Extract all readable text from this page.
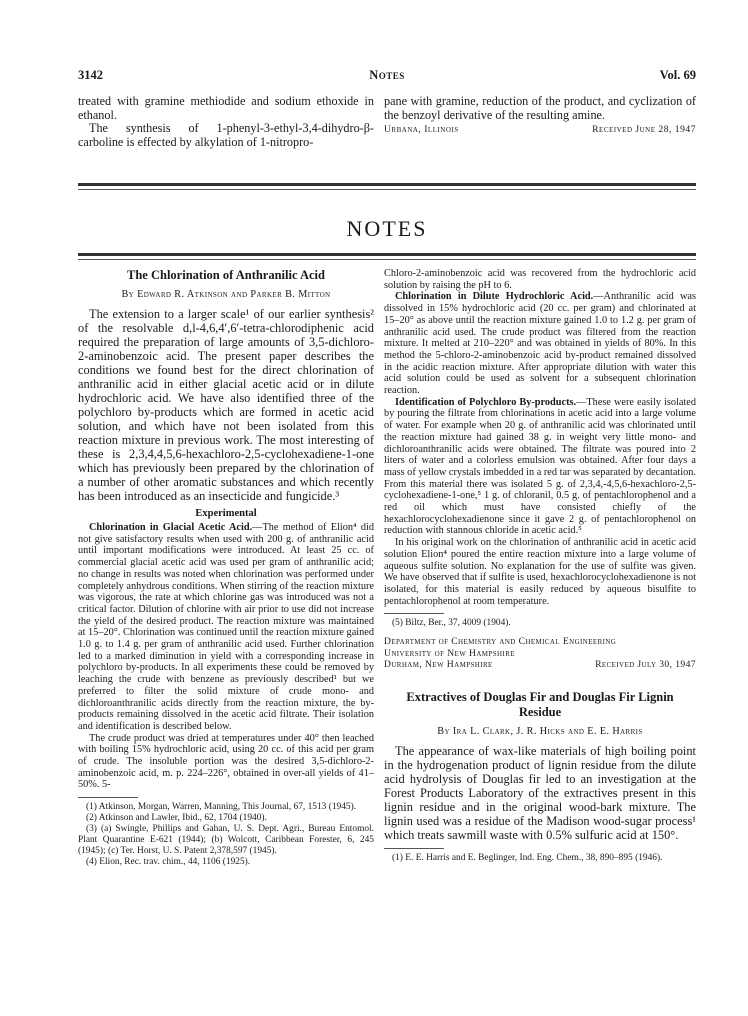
3142	Notes	Vol. 69

treated with gramine methiodide and sodium ethoxide in ethanol.

The synthesis of 1-phenyl-3-ethyl-3,4-dihydro-β-carboline is effected by alkylation of 1-nitropro-

pane with gramine, reduction of the product, and cyclization of the benzoyl derivative of the resulting amine.

Urbana, Illinois	Received June 28, 1947
NOTES

The Chlorination of Anthranilic Acid

By Edward R. Atkinson and Parker B. Mitton

The extension to a larger scale¹ of our earlier synthesis² of the resolvable d,l-4,6,4′,6′-tetra-chlorodiphenic acid required the preparation of large amounts of 3,5-dichloro-2-aminobenzoic acid. The present paper describes the conditions we found best for the direct chlorination of anthranilic acid in either glacial acetic acid or in dilute hydrochloric acid. We have also identified three of the polychloro by-products which are formed in acetic acid solution, and which have not been isolated from this reaction mixture in previous work. The most interesting of these is 2,3,4,4,5,6-hexachloro-2,5-cyclohexadiene-1-one which has previously been prepared by the chlorination of a number of other aromatic substances and which recently has been introduced as an insecticide and fungicide.³

Experimental

Chlorination in Glacial Acetic Acid.—The method of Elion⁴ did not give satisfactory results when used with 200 g. of anthranilic acid until important modifications were introduced. At least 25 cc. of commercial glacial acetic acid was used per gram of anthranilic acid; no change in results was noted when chlorination was performed under completely anhydrous conditions. When stirring of the reaction mixture was vigorous, the rate at which chlorine gas was introduced was not a critical factor. Dilution of chlorine with air prior to use did not increase the yield of the desired product. The reaction mixture was maintained at 15–20°. Chlorination was continued until the reaction mixture gained 1.0 g. to 1.4 g. per gram of anthranilic acid used. Further chlorination led to a marked diminution in yield with a corresponding increase in polychloro by-products. In all experiments these could be removed by leaching the crude with benzene as previously described¹ but we preferred to filter the solid mixture of crude mono- and dichloroanthranilic acids directly from the reaction mixture, the by-products remaining dissolved in the acetic acid filtrate. Their isolation and identification is described below.

The crude product was dried at temperatures under 40° then leached with boiling 15% hydrochloric acid, using 20 cc. of this acid per gram of crude. The insoluble portion was the desired 3,5-dichloro-2-aminobenzoic acid, m. p. 224–226°, obtained in over-all yields of 41–50%. 5-

(1) Atkinson, Morgan, Warren, Manning, This Journal, 67, 1513 (1945).

(2) Atkinson and Lawler, Ibid., 62, 1704 (1940).

(3) (a) Swingle, Phillips and Gahan, U. S. Dept. Agri., Bureau Entomol. Plant Quarantine E-621 (1944); (b) Wolcott, Caribbean Forester, 6, 245 (1945); (c) Ter. Horst, U. S. Patent 2,378,597 (1945).

(4) Elion, Rec. trav. chim., 44, 1106 (1925).

Chloro-2-aminobenzoic acid was recovered from the hydrochloric acid solution by raising the pH to 6.

Chlorination in Dilute Hydrochloric Acid.—Anthranilic acid was dissolved in 15% hydrochloric acid (20 cc. per gram) and chlorinated at 15–20° as above until the reaction mixture gained 1.0 to 1.2 g. per gram of anthranilic acid used. The crude product was filtered from the reaction mixture. It melted at 210–220° and was obtained in yields of 80%. In this method the 5-chloro-2-aminobenzoic acid by-product remained dissolved in the acidic reaction mixture. After appropriate dilution with water this acid solution could be used as solvent for a subsequent chlorination reaction.

Identification of Polychloro By-products.—These were easily isolated by pouring the filtrate from chlorinations in acetic acid into a large volume of water. For example when 20 g. of anthranilic acid was chlorinated until the reaction mixture had gained 38 g. in weight very little mono- and dichloroanthranilic acids were obtained. The filtrate was poured into 2 liters of water and a colorless emulsion was obtained. After four days a mass of yellow crystals imbedded in a red tar was separated by decantation. From this material there was isolated 5 g. of 2,3,4,-4,5,6-hexachloro-2,5-cyclohexadiene-1-one,⁵ 1 g. of chloranil, 0.5 g. of pentachlorophenol and a red oil which must have consisted chiefly of the hexachlorocyclohexadienone since it gave 2 g. of pentachlorophenol on reduction with stannous chloride in acetic acid.⁵

In his original work on the chlorination of anthranilic acid in acetic acid solution Elion⁴ poured the entire reaction mixture into a large volume of aqueous sulfite solution. No explanation for the use of sulfite was given. We have observed that if sulfite is used, hexachlorocyclohexadienone is not isolated, for this material is easily reduced by aqueous bisulfite to pentachlorophenol at room temperature.

(5) Biltz, Ber., 37, 4009 (1904).

Department of Chemistry and Chemical Engineering

University of New Hampshire

Durham, New Hampshire	Received July 30, 1947

Extractives of Douglas Fir and Douglas Fir Lignin Residue

By Ira L. Clark, J. R. Hicks and E. E. Harris

The appearance of wax-like materials of high boiling point in the hydrogenation product of lignin residue from the dilute acid hydrolysis of Douglas fir led to an investigation at the Forest Products Laboratory of the extractives present in this lignin residue and in the original wood-bark mixture. The lignin used was a residue of the Madison wood-sugar process¹ which treats sawmill waste with 0.5% sulfuric acid at 150°.

(1) E. E. Harris and E. Beglinger, Ind. Eng. Chem., 38, 890–895 (1946).
